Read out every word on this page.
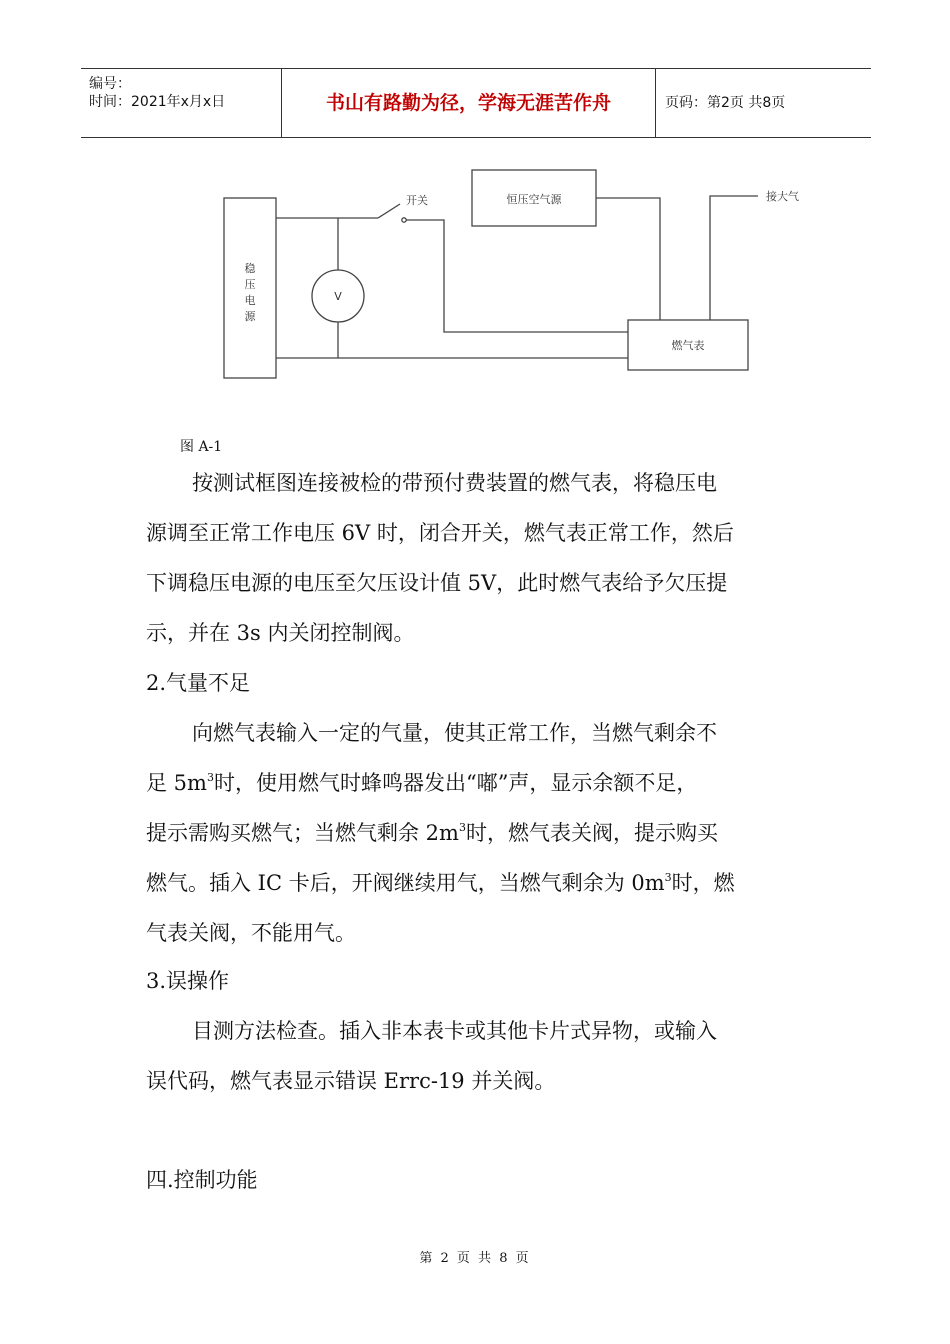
编号：
时间：2021年x月x日	书山有路勤为径，学海无涯苦作舟	页码：第2页 共8页
稳
压
电
源
开关	恒压空气源	接大气
V
燃气表
图 A-1
按测试框图连接被检的带预付费装置的燃气表，将稳压电
源调至正常工作电压 6V 时，闭合开关，燃气表正常工作，然后
下调稳压电源的电压至欠压设计值 5V，此时燃气表给予欠压提
示，并在 3s 内关闭控制阀。
2.气量不足
向燃气表输入一定的气量，使其正常工作，当燃气剩余不
足 $5m^3$时，使用燃气时蜂鸣器发出“嘟”声，显示余额不足，
提示需购买燃气；当燃气剩余 $2m^3$时，燃气表关阀，提示购买
燃气。插入 IC 卡后，开阀继续用气，当燃气剩余为 $0m^3$时，燃
气表关阀，不能用气。
3.误操作
目测方法检查。插入非本表卡或其他卡片式异物，或输入
误代码，燃气表显示错误 Errc-19 并关阀。
四.控制功能
第 2 页 共 8 页
